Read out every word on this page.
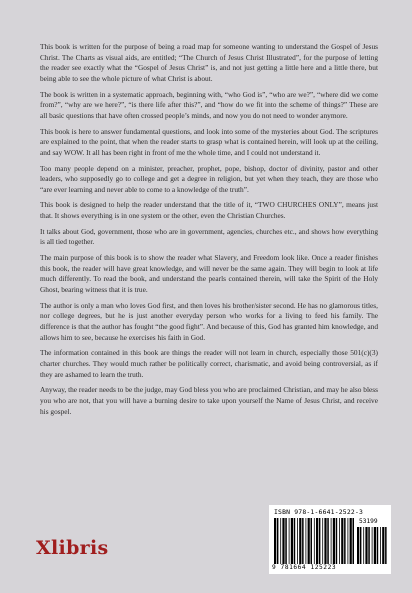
This book is written for the purpose of being a road map for someone wanting to understand the Gospel of Jesus Christ. The Charts as visual aids, are entitled; “The Church of Jesus Christ Illustrated”, for the purpose of letting the reader see exactly what the “Gospel of Jesus Christ” is, and not just getting a little here and a little there, but being able to see the whole picture of what Christ is about.

The book is written in a systematic approach, beginning with, “who God is”, “who are we?”, “where did we come from?”, “why are we here?”, “is there life after this?”, and “how do we fit into the scheme of things?” These are all basic questions that have often crossed people’s minds, and now you do not need to wonder anymore.

This book is here to answer fundamental questions, and look into some of the mysteries about God. The scriptures are explained to the point, that when the reader starts to grasp what is contained herein, will look up at the ceiling, and say WOW. It all has been right in front of me the whole time, and I could not understand it.

Too many people depend on a minister, preacher, prophet, pope, bishop, doctor of divinity, pastor and other leaders, who supposedly go to college and get a degree in religion, but yet when they teach, they are those who “are ever learning and never able to come to a knowledge of the truth”.

This book is designed to help the reader understand that the title of it, “TWO CHURCHES ONLY”, means just that. It shows everything is in one system or the other, even the Christian Churches.

It talks about God, government, those who are in government, agencies, churches etc., and shows how everything is all tied together.

The main purpose of this book is to show the reader what Slavery, and Freedom look like. Once a reader finishes this book, the reader will have great knowledge, and will never be the same again. They will begin to look at life much differently. To read the book, and understand the pearls contained therein, will take the Spirit of the Holy Ghost, bearing witness that it is true.

The author is only a man who loves God first, and then loves his brother/sister second. He has no glamorous titles, nor college degrees, but he is just another everyday person who works for a living to feed his family. The difference is that the author has fought “the good fight”. And because of this, God has granted him knowledge, and allows him to see, because he exercises his faith in God.

The information contained in this book are things the reader will not learn in church, especially those 501(c)(3) charter churches. They would much rather be politically correct, charismatic, and avoid being controversial, as if they are ashamed to learn the truth.

Anyway, the reader needs to be the judge, may God bless you who are proclaimed Christian, and may he also bless you who are not, that you will have a burning desire to take upon yourself the Name of Jesus Christ, and receive his gospel.

Xlibris
ISBN 978-1-6641-2522-3
53199
9 781664 125223
